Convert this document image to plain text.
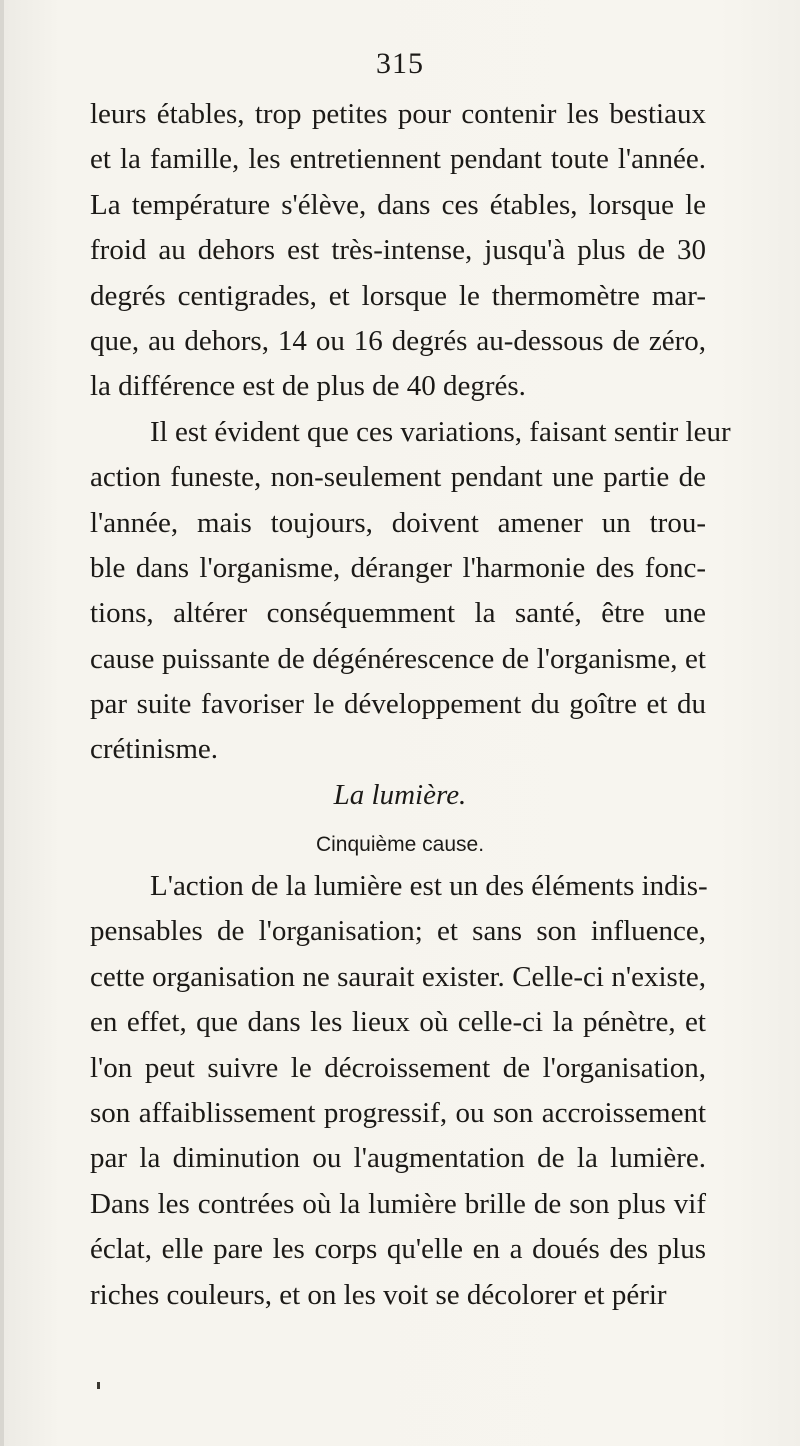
315
leurs étables, trop petites pour contenir les bestiaux
et la famille, les entretiennent pendant toute l'année.
La température s'élève, dans ces étables, lorsque le
froid au dehors est très-intense, jusqu'à plus de 30
degrés centigrades, et lorsque le thermomètre mar-
que, au dehors, 14 ou 16 degrés au-dessous de zéro,
la différence est de plus de 40 degrés.
Il est évident que ces variations, faisant sentir leur
action funeste, non-seulement pendant une partie de
l'année, mais toujours, doivent amener un trou-
ble dans l'organisme, déranger l'harmonie des fonc-
tions, altérer conséquemment la santé, être une
cause puissante de dégénérescence de l'organisme, et
par suite favoriser le développement du goître et du
crétinisme.
La lumière.
Cinquième cause.
L'action de la lumière est un des éléments indis-
pensables de l'organisation; et sans son influence,
cette organisation ne saurait exister. Celle-ci n'existe,
en effet, que dans les lieux où celle-ci la pénètre, et
l'on peut suivre le décroissement de l'organisation,
son affaiblissement progressif, ou son accroissement
par la diminution ou l'augmentation de la lumière.
Dans les contrées où la lumière brille de son plus vif
éclat, elle pare les corps qu'elle en a doués des plus
riches couleurs, et on les voit se décolorer et périr
